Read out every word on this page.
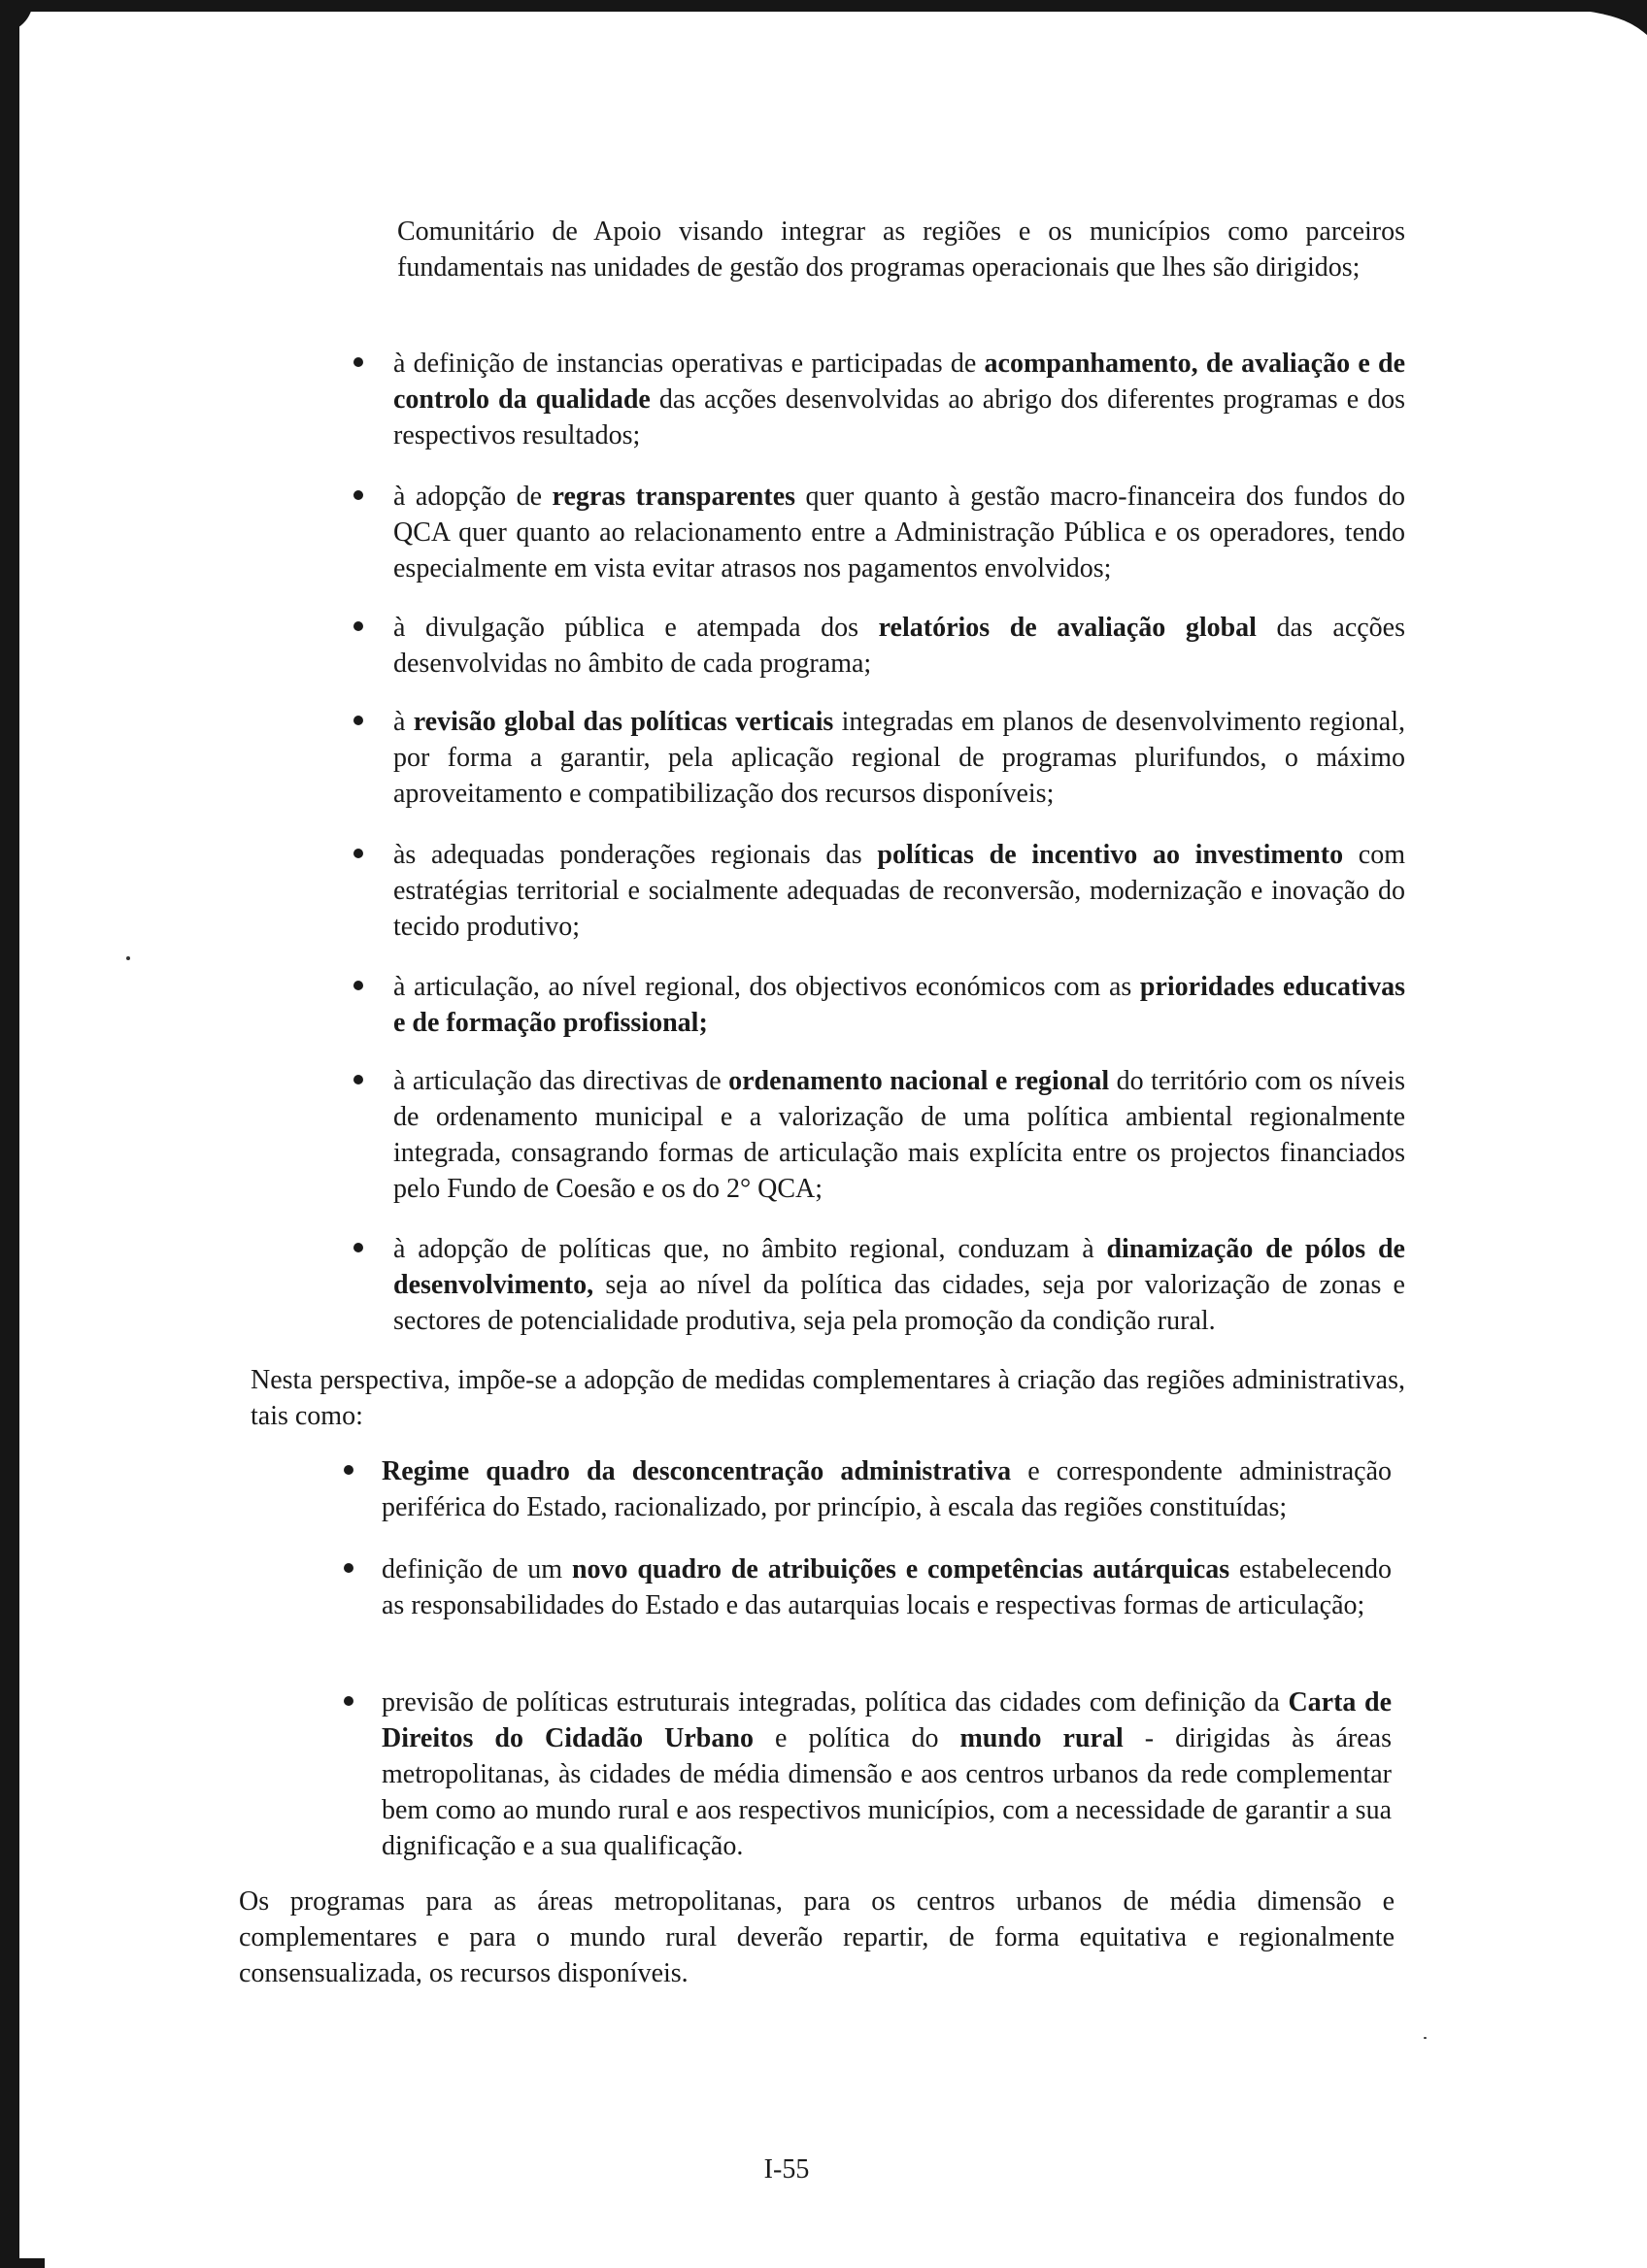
Comunitário de Apoio visando integrar as regiões e os municípios como parceiros fundamentais nas unidades de gestão dos programas operacionais que lhes são dirigidos;

à definição de instancias operativas e participadas de acompanhamento, de avaliação e de controlo da qualidade das acções desenvolvidas ao abrigo dos diferentes programas e dos respectivos resultados;

à adopção de regras transparentes quer quanto à gestão macro-financeira dos fundos do QCA quer quanto ao relacionamento entre a Administração Pública e os operadores, tendo especialmente em vista evitar atrasos nos pagamentos envolvidos;

à divulgação pública e atempada dos relatórios de avaliação global das acções desenvolvidas no âmbito de cada programa;

à revisão global das políticas verticais integradas em planos de desenvolvimento regional, por forma a garantir, pela aplicação regional de programas plurifundos, o máximo aproveitamento e compatibilização dos recursos disponíveis;

às adequadas ponderações regionais das políticas de incentivo ao investimento com estratégias territorial e socialmente adequadas de reconversão, modernização e inovação do tecido produtivo;

à articulação, ao nível regional, dos objectivos económicos com as prioridades educativas e de formação profissional;

à articulação das directivas de ordenamento nacional e regional do território com os níveis de ordenamento municipal e a valorização de uma política ambiental regionalmente integrada, consagrando formas de articulação mais explícita entre os projectos financiados pelo Fundo de Coesão e os do 2° QCA;

à adopção de políticas que, no âmbito regional, conduzam à dinamização de pólos de desenvolvimento, seja ao nível da política das cidades, seja por valorização de zonas e sectores de potencialidade produtiva, seja pela promoção da condição rural.

Nesta perspectiva, impõe-se a adopção de medidas complementares à criação das regiões administrativas, tais como:

Regime quadro da desconcentração administrativa e correspondente administração periférica do Estado, racionalizado, por princípio, à escala das regiões constituídas;

definição de um novo quadro de atribuições e competências autárquicas estabelecendo as responsabilidades do Estado e das autarquias locais e respectivas formas de articulação;

previsão de políticas estruturais integradas, política das cidades com definição da Carta de Direitos do Cidadão Urbano e política do mundo rural - dirigidas às áreas metropolitanas, às cidades de média dimensão e aos centros urbanos da rede complementar bem como ao mundo rural e aos respectivos municípios, com a necessidade de garantir a sua dignificação e a sua qualificação.

Os programas para as áreas metropolitanas, para os centros urbanos de média dimensão e complementares e para o mundo rural deverão repartir, de forma equitativa e regionalmente consensualizada, os recursos disponíveis.

I-55
